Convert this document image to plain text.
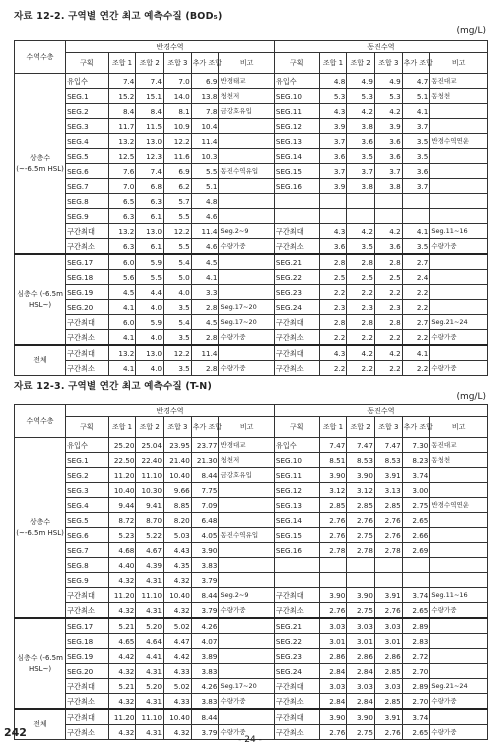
자료 12-2. 구역별 연간 최고 예측수질 (BOD₅)
(mg/L)
수역수층	반경수역						동진수역					
	구획	조합 1	조합 2	조합 3	추가 조합	비고	구획	조합 1	조합 2	조합 3	추가 조합	비고
상층수 (~-6.5m HSL)	유입수	7.4	7.4	7.0	6.9	반경태교	유입수	4.8	4.9	4.9	4.7	동진대교
	SEG.1	15.2	15.1	14.0	13.8	청천저	SEG.10	5.3	5.3	5.3	5.1	동청천
	SEG.2	8.4	8.4	8.1	7.8	금강호유입	SEG.11	4.3	4.2	4.2	4.1	
	SEG.3	11.7	11.5	10.9	10.4		SEG.12	3.9	3.8	3.9	3.7	
	SEG.4	13.2	13.0	12.2	11.4		SEG.13	3.7	3.6	3.6	3.5	반경수역연운
	SEG.5	12.5	12.3	11.6	10.3		SEG.14	3.6	3.5	3.6	3.5	
	SEG.6	7.6	7.4	6.9	5.5	동진수역유입	SEG.15	3.7	3.7	3.7	3.6	
	SEG.7	7.0	6.8	6.2	5.1		SEG.16	3.9	3.8	3.8	3.7	
	SEG.8	6.5	6.3	5.7	4.8							
	SEG.9	6.3	6.1	5.5	4.6							
	구간최대	13.2	13.0	12.2	11.4	Seg.2~9	구간최대	4.3	4.2	4.2	4.1	Seg.11~16
	구간최소	6.3	6.1	5.5	4.6	수량가중	구간최소	3.6	3.5	3.6	3.5	수량가중
심층수 (-6.5m HSL~)	SEG.17	6.0	5.9	5.4	4.5		SEG.21	2.8	2.8	2.8	2.7	
	SEG.18	5.6	5.5	5.0	4.1		SEG.22	2.5	2.5	2.5	2.4	
	SEG.19	4.5	4.4	4.0	3.3		SEG.23	2.2	2.2	2.2	2.2	
	SEG.20	4.1	4.0	3.5	2.8	Seg.17~20	SEG.24	2.3	2.3	2.3	2.2	
	구간최대	6.0	5.9	5.4	4.5	Seg.17~20	구간최대	2.8	2.8	2.8	2.7	Seg.21~24
	구간최소	4.1	4.0	3.5	2.8	수량가중	구간최소	2.2	2.2	2.2	2.2	수량가중
전체	구간최대	13.2	13.0	12.2	11.4		구간최대	4.3	4.2	4.2	4.1	
	구간최소	4.1	4.0	3.5	2.8	수량가중	구간최소	2.2	2.2	2.2	2.2	수량가중
자료 12-3. 구역별 연간 최고 예측수질 (T-N)
(mg/L)
수역수층	반경수역						동진수역					
	구획	조합 1	조합 2	조합 3	추가 조합	비고	구획	조합 1	조합 2	조합 3	추가 조합	비고
상층수 (~-6.5m HSL)	유입수	25.20	25.04	23.95	23.77	반경대교	유입수	7.47	7.47	7.47	7.30	동진대교
	SEG.1	22.50	22.40	21.40	21.30	청천저	SEG.10	8.51	8.53	8.53	8.23	동청천
	SEG.2	11.20	11.10	10.40	8.44	금강호유입	SEG.11	3.90	3.90	3.91	3.74	
	SEG.3	10.40	10.30	9.66	7.75		SEG.12	3.12	3.12	3.13	3.00	
	SEG.4	9.44	9.41	8.85	7.09		SEG.13	2.85	2.85	2.85	2.75	반경수역연운
	SEG.5	8.72	8.70	8.20	6.48		SEG.14	2.76	2.76	2.76	2.65	
	SEG.6	5.23	5.22	5.03	4.05	동진수역유입	SEG.15	2.76	2.75	2.76	2.66	
	SEG.7	4.68	4.67	4.43	3.90		SEG.16	2.78	2.78	2.78	2.69	
	SEG.8	4.40	4.39	4.35	3.83							
	SEG.9	4.32	4.31	4.32	3.79							
	구간최대	11.20	11.10	10.40	8.44	Seg.2~9	구간최대	3.90	3.90	3.91	3.74	Seg.11~16
	구간최소	4.32	4.31	4.32	3.79	수량가중	구간최소	2.76	2.75	2.76	2.65	수량가중
심층수 (-6.5m HSL~)	SEG.17	5.21	5.20	5.02	4.26		SEG.21	3.03	3.03	3.03	2.89	
	SEG.18	4.65	4.64	4.47	4.07		SEG.22	3.01	3.01	3.01	2.83	
	SEG.19	4.42	4.41	4.42	3.89		SEG.23	2.86	2.86	2.86	2.72	
	SEG.20	4.32	4.31	4.33	3.83		SEG.24	2.84	2.84	2.85	2.70	
	구간최대	5.21	5.20	5.02	4.26	Seg.17~20	구간최대	3.03	3.03	3.03	2.89	Seg.21~24
	구간최소	4.32	4.31	4.33	3.83	수량가중	구간최소	2.84	2.84	2.85	2.70	수량가중
전체	구간최대	11.20	11.10	10.40	8.44		구간최대	3.90	3.90	3.91	3.74	
	구간최소	4.32	4.31	4.32	3.79	수량가중	구간최소	2.76	2.75	2.76	2.65	수량가중
242
- 24 -
